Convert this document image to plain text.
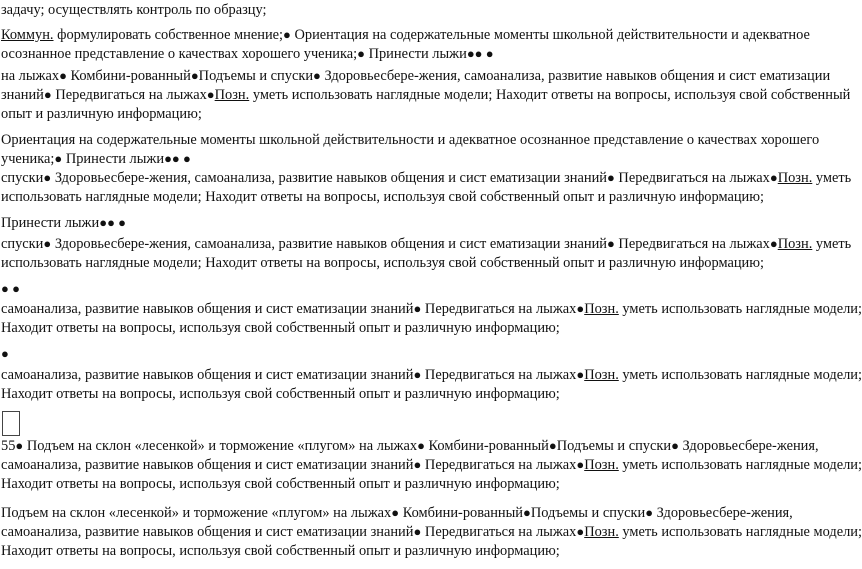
задачу; осуществлять контроль по образцу;
Коммун. формулировать собственное мнение;● Ориентация на содержательные моменты школьной действительности и адекватное
осознанное представление о качествах хорошего ученика;● Принести лыжи●● ●
на лыжах● Комбини-рованный●Подъемы и спуски● Здоровьесбере-жения, самоанализа, развитие навыков общения и сист ематизации
знаний● Передвигаться на лыжах●Позн. уметь использовать наглядные модели; Находит ответы на вопросы, используя свой собственный
опыт и различную информацию;
Ориентация на содержательные моменты школьной действительности и адекватное осознанное представление о качествах хорошего
ученика;● Принести лыжи●● ●
спуски● Здоровьесбере-жения, самоанализа, развитие навыков общения и сист ематизации знаний● Передвигаться на лыжах●Позн. уметь
использовать наглядные модели; Находит ответы на вопросы, используя свой собственный опыт и различную информацию;
Принести лыжи●● ●
спуски● Здоровьесбере-жения, самоанализа, развитие навыков общения и сист ематизации знаний● Передвигаться на лыжах●Позн. уметь
использовать наглядные модели; Находит ответы на вопросы, используя свой собственный опыт и различную информацию;
● ●
самоанализа, развитие навыков общения и сист ематизации знаний● Передвигаться на лыжах●Позн. уметь использовать наглядные модели;
Находит ответы на вопросы, используя свой собственный опыт и различную информацию;
●
самоанализа, развитие навыков общения и сист ематизации знаний● Передвигаться на лыжах●Позн. уметь использовать наглядные модели;
Находит ответы на вопросы, используя свой собственный опыт и различную информацию;
55● Подъем на склон «лесенкой» и торможение «плугом» на лыжах● Комбини-рованный●Подъемы и спуски● Здоровьесбере-жения,
самоанализа, развитие навыков общения и сист ематизации знаний● Передвигаться на лыжах●Позн. уметь использовать наглядные модели;
Находит ответы на вопросы, используя свой собственный опыт и различную информацию;
Подъем на склон «лесенкой» и торможение «плугом» на лыжах● Комбини-рованный●Подъемы и спуски● Здоровьесбере-жения,
самоанализа, развитие навыков общения и сист ематизации знаний● Передвигаться на лыжах●Позн. уметь использовать наглядные модели;
Находит ответы на вопросы, используя свой собственный опыт и различную информацию;
